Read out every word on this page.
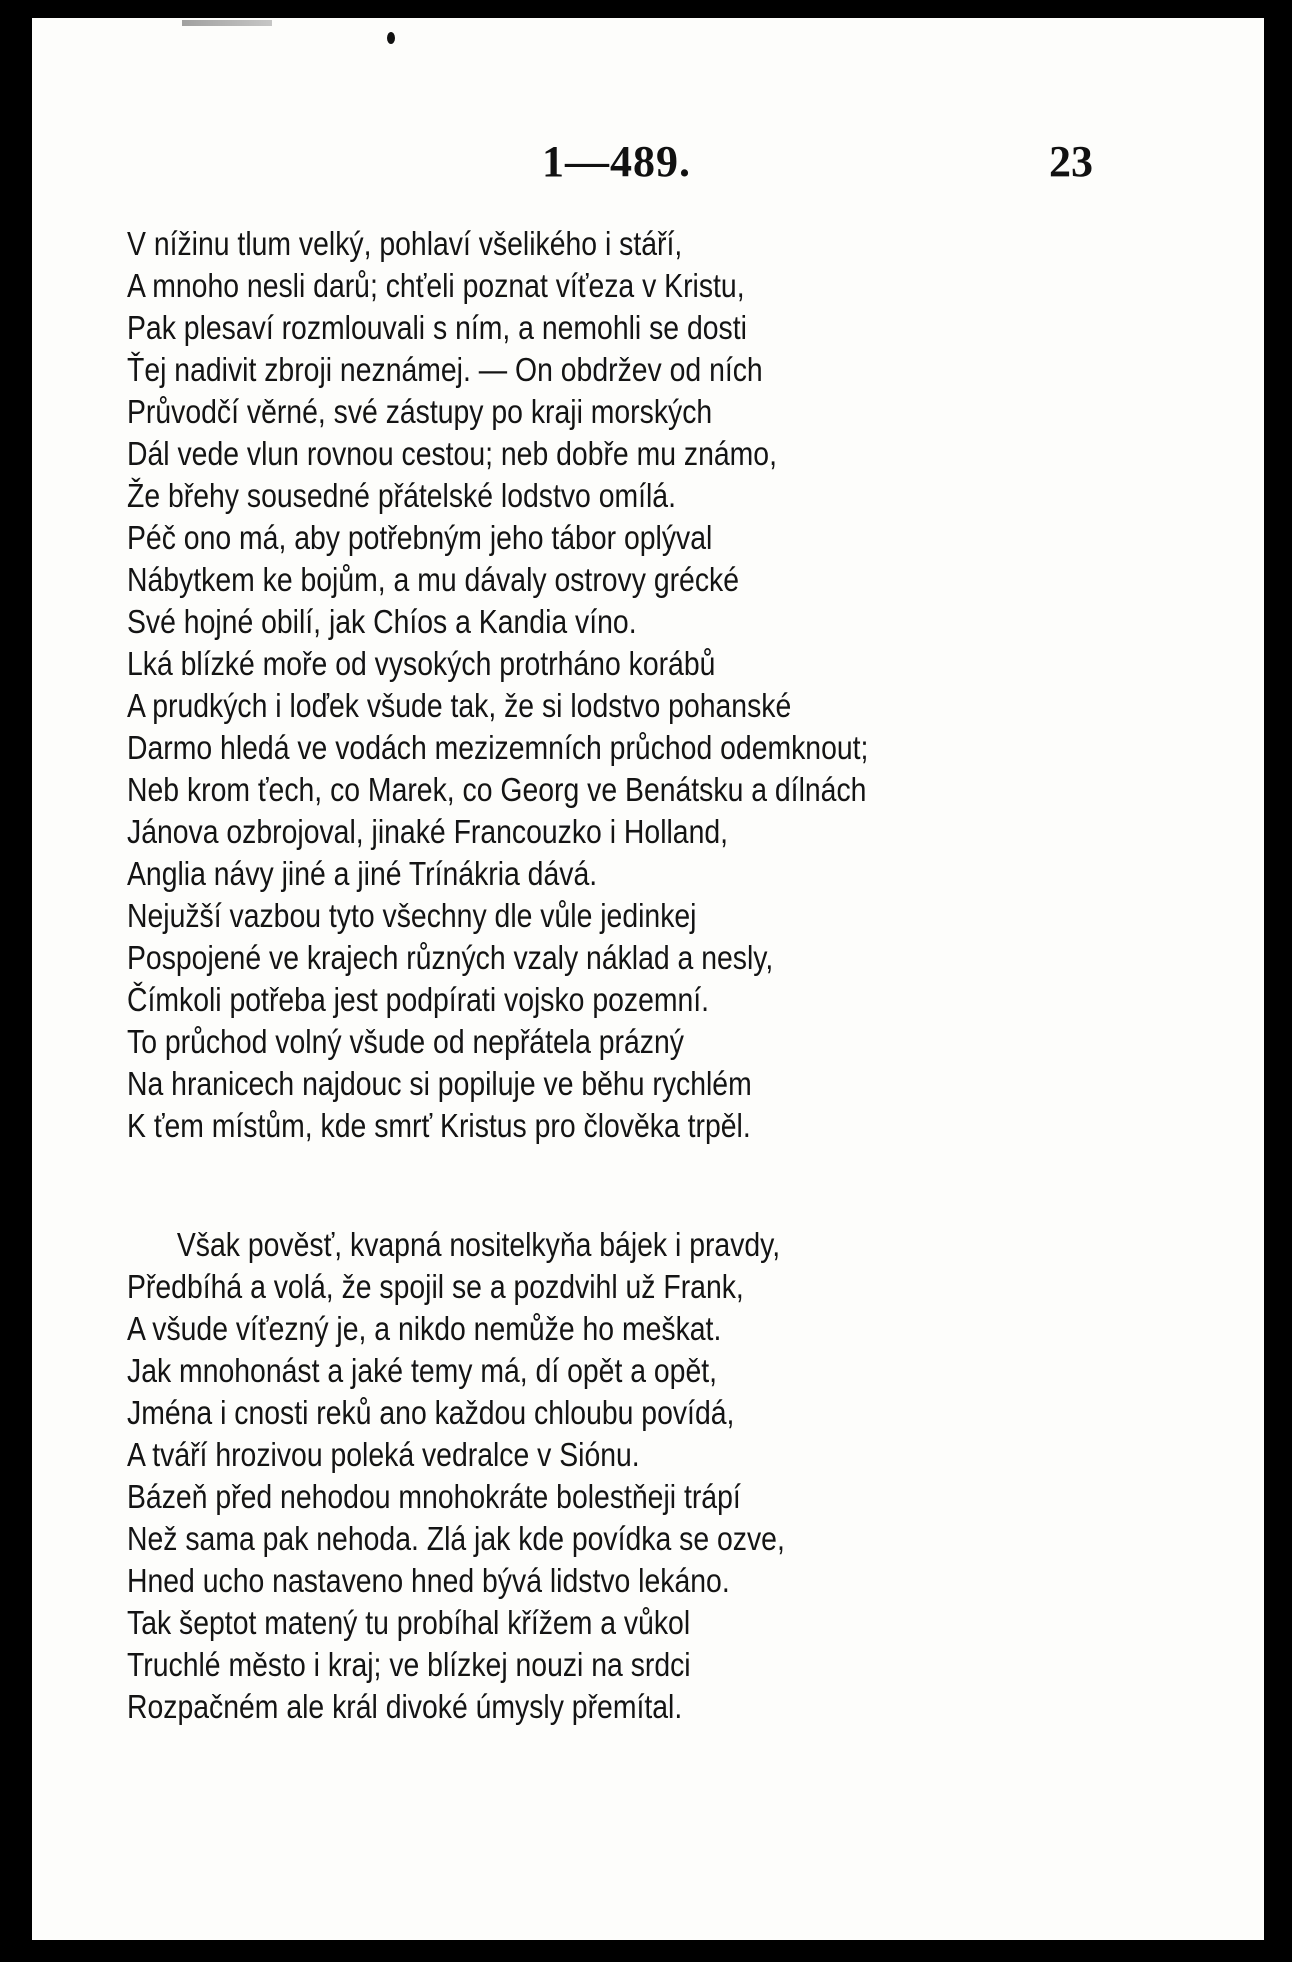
1—489.	23
V nížinu tlum velký, pohlaví všelikého i stáří,
A mnoho nesli darů; chťeli poznat víťeza v Kristu,
Pak plesaví rozmlouvali s ním, a nemohli se dosti
Ťej nadivit zbroji neznámej. — On obdržev od ních
Průvodčí věrné, své zástupy po kraji morských
Dál vede vlun rovnou cestou; neb dobře mu známo,
Že břehy sousedné přátelské lodstvo omílá.
Péč ono má, aby potřebným jeho tábor oplýval
Nábytkem ke bojům, a mu dávaly ostrovy grécké
Své hojné obilí, jak Chíos a Kandia víno.
Lká blízké moře od vysokých protrháno korábů
A prudkých i loďek všude tak, že si lodstvo pohanské
Darmo hledá ve vodách mezizemních průchod odemknout;
Neb krom ťech, co Marek, co Georg ve Benátsku a dílnách
Jánova ozbrojoval, jinaké Francouzko i Holland,
Anglia návy jiné a jiné Trínákria dává.
Nejužší vazbou tyto všechny dle vůle jedinkej
Pospojené ve krajech různých vzaly náklad a nesly,
Čímkoli potřeba jest podpírati vojsko pozemní.
To průchod volný všude od nepřátela prázný
Na hranicech najdouc si popiluje ve běhu rychlém
K ťem místům, kde smrť Kristus pro člověka trpěl.
Však pověsť, kvapná nositelkyňa bájek i pravdy,
Předbíhá a volá, že spojil se a pozdvihl už Frank,
A všude víťezný je, a nikdo nemůže ho meškat.
Jak mnohonást a jaké temy má, dí opět a opět,
Jména i cnosti reků ano každou chloubu povídá,
A tváří hrozivou poleká vedralce v Siónu.
Bázeň před nehodou mnohokráte bolestňeji trápí
Než sama pak nehoda. Zlá jak kde povídka se ozve,
Hned ucho nastaveno hned bývá lidstvo lekáno.
Tak šeptot matený tu probíhal křížem a vůkol
Truchlé město i kraj; ve blízkej nouzi na srdci
Rozpačném ale král divoké úmysly přemítal.
